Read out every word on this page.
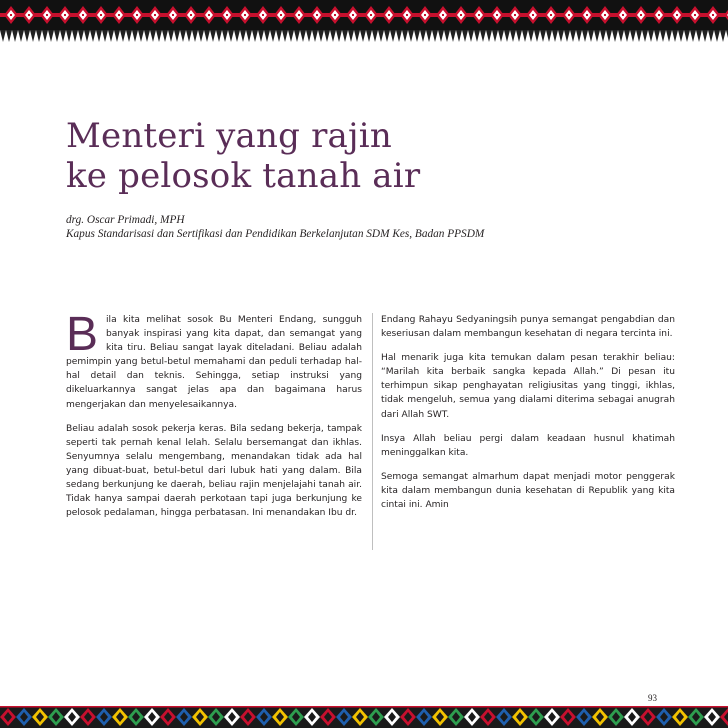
Menteri yang rajin
ke pelosok tanah air
drg. Oscar Primadi, MPH
Kapus Standarisasi dan Sertifikasi dan Pendidikan Berkelanjutan SDM Kes, Badan PPSDM

Bila kita melihat sosok Bu Menteri Endang, sungguh banyak inspirasi yang kita dapat, dan semangat yang kita tiru. Beliau sangat layak diteladani. Beliau adalah pemimpin yang betul-betul memahami dan peduli terhadap hal-hal detail dan teknis. Sehingga, setiap instruksi yang dikeluarkannya sangat jelas apa dan bagaimana harus mengerjakan dan menyelesaikannya.

Beliau adalah sosok pekerja keras. Bila sedang bekerja, tampak seperti tak pernah kenal lelah. Selalu bersemangat dan ikhlas. Senyumnya selalu mengembang, menandakan tidak ada hal yang dibuat-buat, betul-betul dari lubuk hati yang dalam. Bila sedang berkunjung ke daerah, beliau rajin menjelajahi tanah air. Tidak hanya sampai daerah perkotaan tapi juga berkunjung ke pelosok pedalaman, hingga perbatasan. Ini menandakan Ibu dr.

Endang Rahayu Sedyaningsih punya semangat pengabdian dan keseriusan dalam membangun kesehatan di negara tercinta ini.

Hal menarik juga kita temukan dalam pesan terakhir beliau: “Marilah kita berbaik sangka kepada Allah.” Di pesan itu terhimpun sikap penghayatan religiusitas yang tinggi, ikhlas, tidak mengeluh, semua yang dialami diterima sebagai anugrah dari Allah SWT.

Insya Allah beliau pergi dalam keadaan husnul khatimah meninggalkan kita.

Semoga semangat almarhum dapat menjadi motor penggerak kita dalam membangun dunia kesehatan di Republik yang kita cintai ini. Amin

93
